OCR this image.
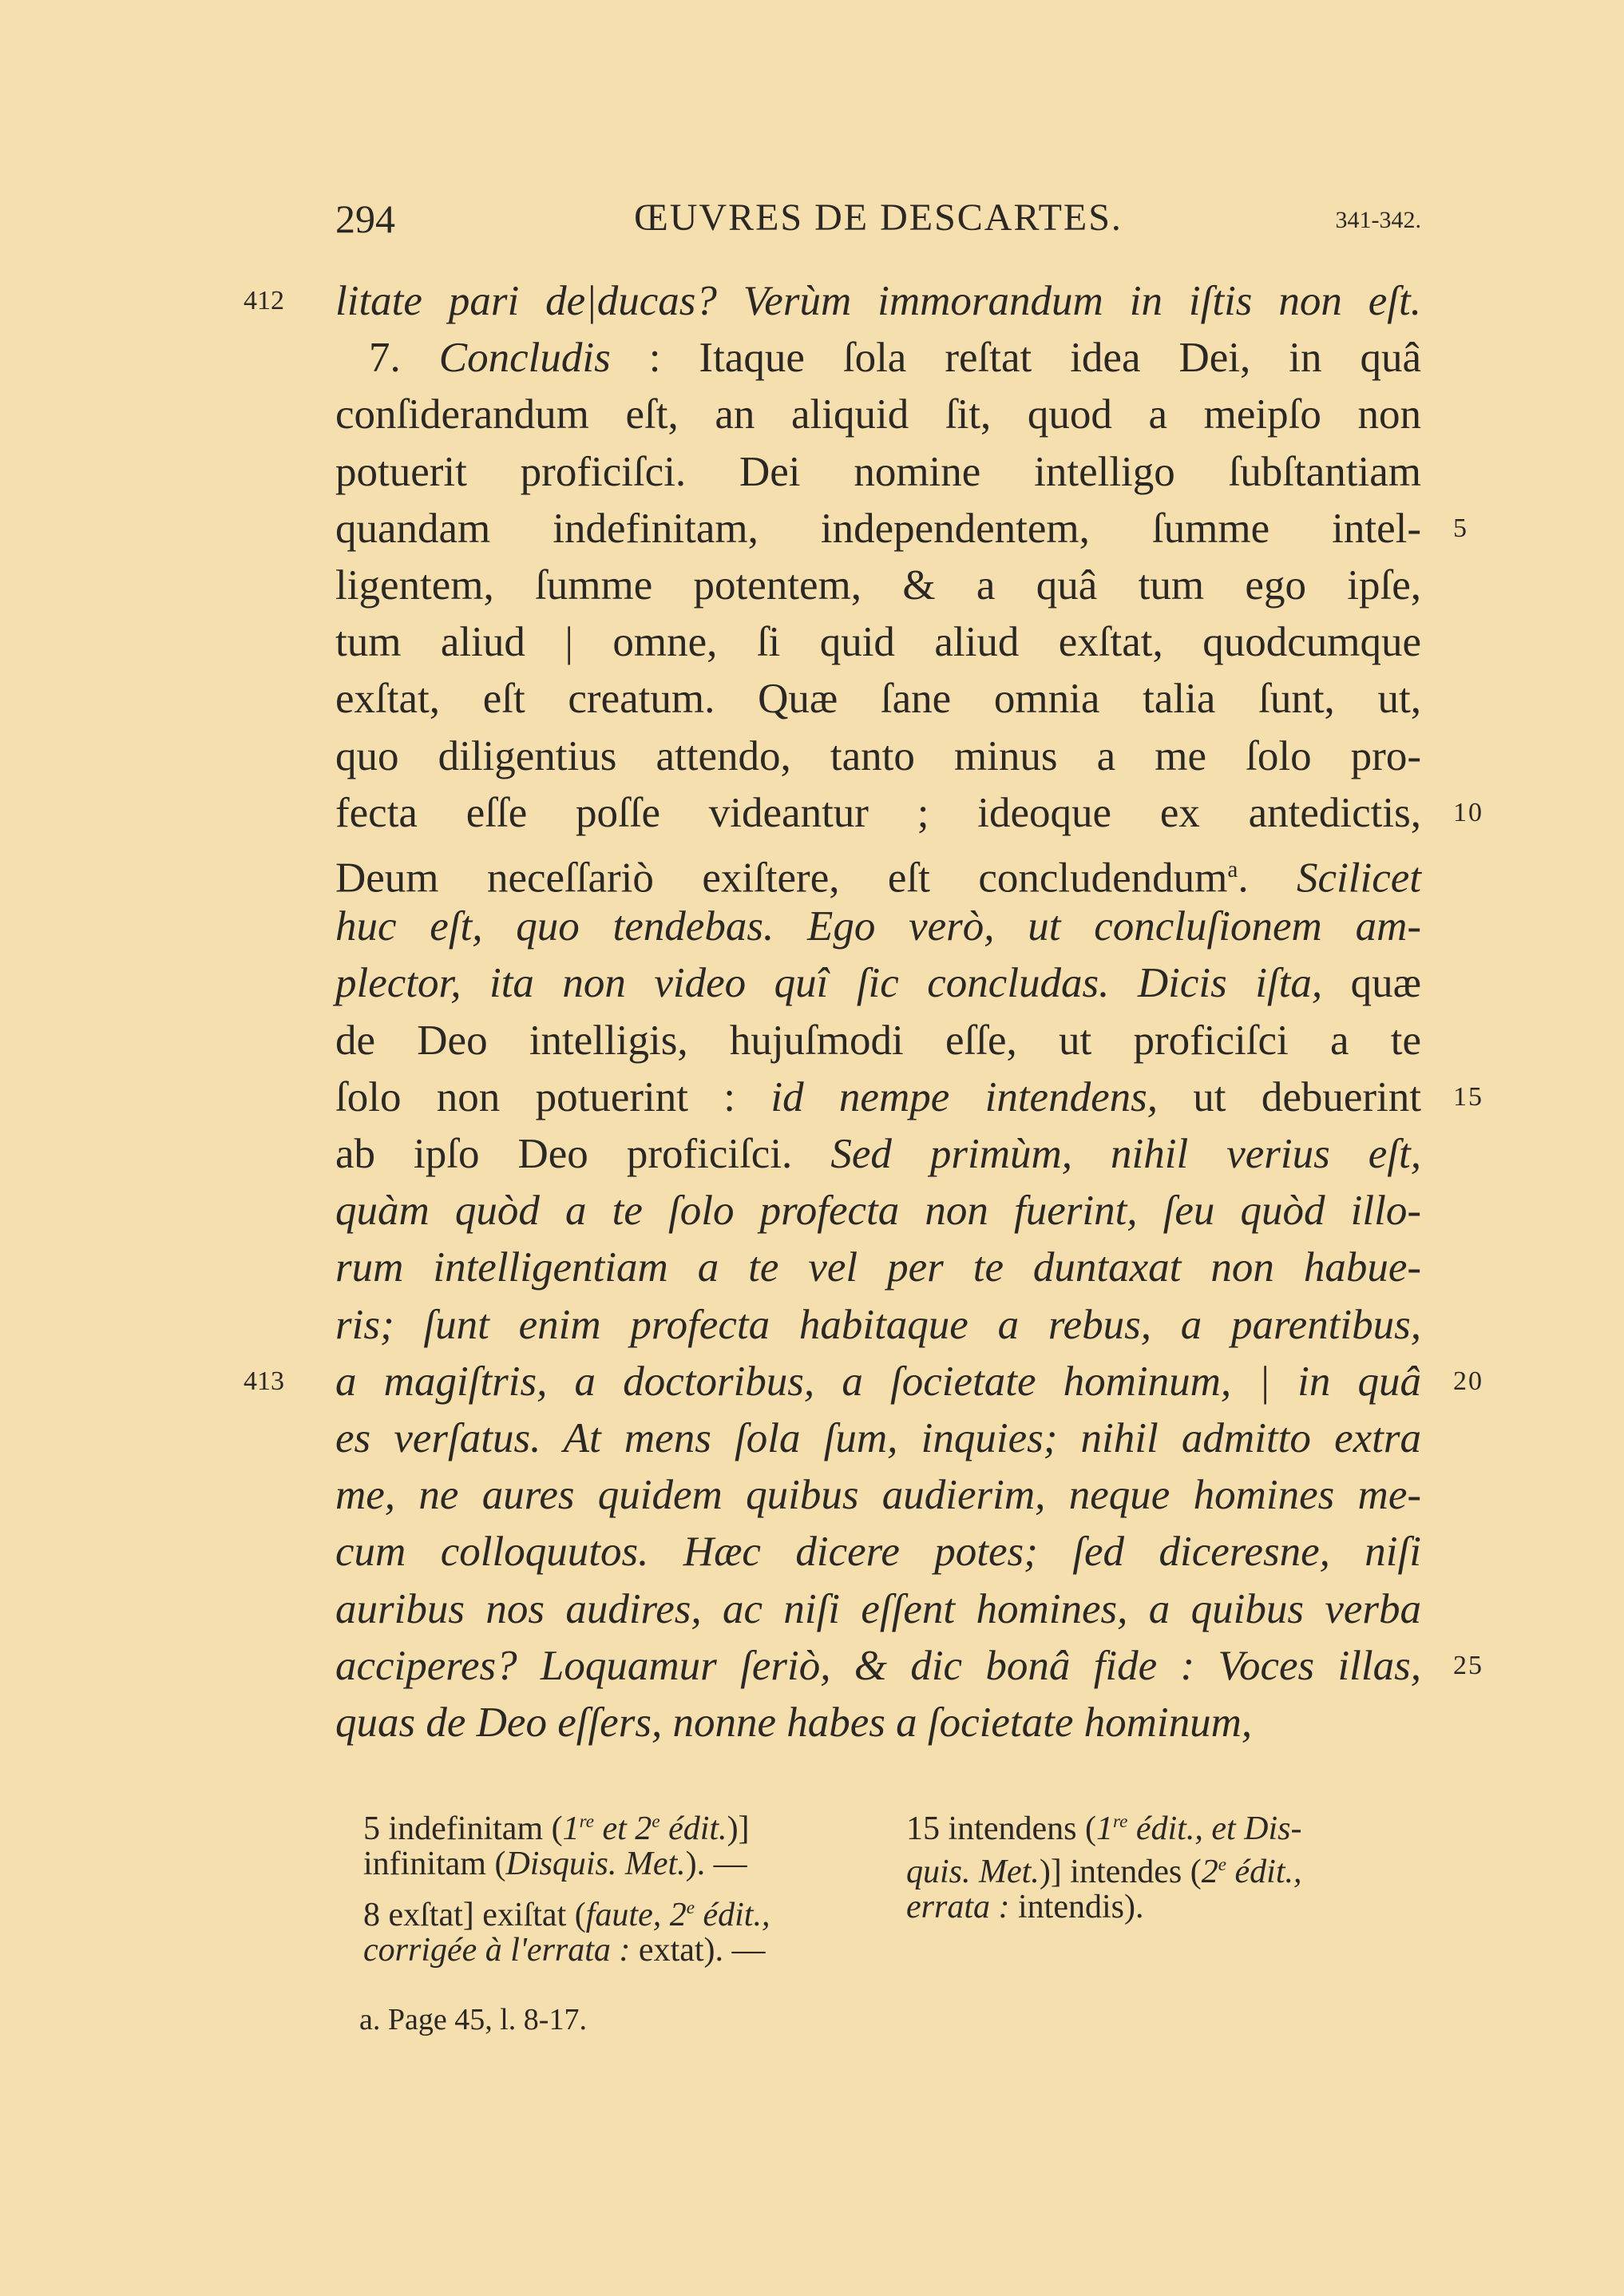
294	ŒUVRES DE DESCARTES.	341-342.
litate pari de|ducas? Verùm immorandum in iſtis non eſt.
7. Concludis : Itaque ſola reſtat idea Dei, in quâ
conſiderandum eſt, an aliquid ſit, quod a meipſo non
potuerit proficiſci. Dei nomine intelligo ſubſtantiam
quandam indefinitam, independentem, ſumme intel-
ligentem, ſumme potentem, & a quâ tum ego ipſe,
tum aliud | omne, ſi quid aliud exſtat, quodcumque
exſtat, eſt creatum. Quæ ſane omnia talia ſunt, ut,
quo diligentius attendo, tanto minus a me ſolo pro-
fecta eſſe poſſe videantur ; ideoque ex antedictis,
Deum neceſſariò exiſtere, eſt concludendum$^a$. Scilicet
huc eſt, quo tendebas. Ego verò, ut concluſionem am-
plector, ita non video quî ſic concludas. Dicis iſta, quæ
de Deo intelligis, hujuſmodi eſſe, ut proficiſci a te
ſolo non potuerint : id nempe intendens, ut debuerint
ab ipſo Deo proficiſci. Sed primùm, nihil verius eſt,
quàm quòd a te ſolo profecta non fuerint, ſeu quòd illo-
rum intelligentiam a te vel per te duntaxat non habue-
ris; ſunt enim profecta habitaque a rebus, a parentibus,
a magiſtris, a doctoribus, a ſocietate hominum, | in quâ
es verſatus. At mens ſola ſum, inquies; nihil admitto extra
me, ne aures quidem quibus audierim, neque homines me-
cum colloquutos. Hæc dicere potes; ſed diceresne, niſi
auribus nos audires, ac niſi eſſent homines, a quibus verba
acciperes? Loquamur ſeriò, & dic bonâ fide : Voces illas,
quas de Deo eſſers, nonne habes a ſocietate hominum,
412
413
5
10
15
20
25
5 indefinitam (1re et 2e édit.)]
infinitam (Disquis. Met.). —
8 exſtat] exiſtat (faute, 2e édit.,
corrigée à l'errata : extat). —
15 intendens (1re édit., et Dis-
quis. Met.)] intendes (2e édit.,
errata : intendis).
a. Page 45, l. 8-17.
